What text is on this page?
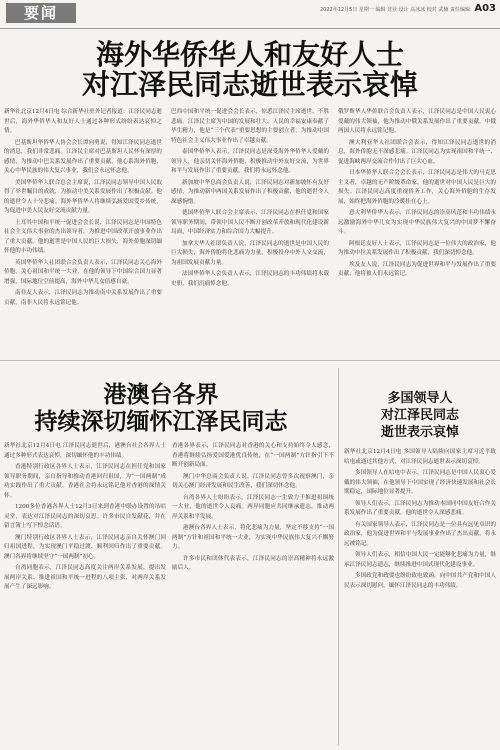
要闻	2022年12月5日 星期一 编辑 竞业 设计 高冰冰 校对 武楠 责任编辑 A03
海外华侨华人和友好人士
对江泽民同志逝世表示哀悼

新华社北京12月4日电 综合新华社驻外记者报道：江泽民同志逝世后，海外华侨华人和友好人士通过各种形式纷纷表达哀悼之情。

巴基斯坦华侨华人协会会长谭向勇说，得知江泽民同志逝世的消息，我们非常悲痛。江泽民主席对巴基斯坦人民怀有深厚的感情，为推动中巴关系发展作出了重要贡献。他心系海外侨胞，关心中华民族的伟大复兴事业，我们会永远怀念他。

美国华侨华人联合总会主席说，江泽民同志领导中国人民取得了举世瞩目的成就，为推动中美关系发展作出了积极贡献。他的逝世令人十分悲痛。海外华侨华人将继续弘扬爱国爱乡传统，为促进中美人民友好交流贡献力量。

土耳其中国和平统一促进会会长说，江泽民同志是中国特色社会主义伟大事业的杰出领导者，为推进中国改革开放事业作出了重大贡献。他的逝世是中国人民的巨大损失，海外侨胞深切缅怀他的丰功伟绩。

英国华侨华人社团联合会负责人表示，江泽民同志关心海外侨胞，关心祖国和平统一大业，在他的领导下中国综合国力显著增强，国际地位空前提高，海外中华儿女倍感自豪。

南非友人表示，江泽民同志为推动南中关系发展作出了重要贡献，南非人民将永远铭记他。

巴西中国和平统一促进会会长表示，惊悉江泽民主席逝世，不胜悲痛。江泽民主席为中国的发展和壮大、人民的幸福安康奉献了毕生精力，他是“三个代表”重要思想的主要创立者，为推动中国特色社会主义伟大事业作出了卓越贡献。

泰国华侨华人表示，江泽民同志是深受海外华侨华人爱戴的领导人，他亲切关怀海外侨胞，积极推动中外友好交流，为世界和平与发展作出了重要贡献，我们将永远怀念他。

新加坡中华总商会负责人说，江泽民同志对新加坡怀有友好感情，为推动新中两国关系发展作出了积极贡献，他的逝世令人深感惋惜。

德国华侨华人联合会主席表示，江泽民同志在担任党和国家领导职务期间，带领中国人民不断开创改革开放和现代化建设新局面，中国经济实力和综合国力大幅提升。

加拿大华人社团负责人说，江泽民同志的逝世是中国人民的巨大损失，海外侨胞将化悲痛为力量，积极投身中外人文交流，为祖国发展贡献力量。

法国华侨华人会负责人表示，江泽民同志的丰功伟绩将永载史册，我们沉痛悼念他。

俄罗斯华人华侨联合会负责人表示，江泽民同志是中国人民衷心爱戴的伟大领袖，他为推动中俄关系发展作出了重要贡献，中俄两国人民将永远铭记他。

澳大利亚华人社团联合会表示，得知江泽民同志逝世的消息，海外侨胞无不深感悲痛。江泽民同志为实现祖国和平统一、促进海峡两岸交流合作付出了巨大心血。

日本华侨华人联合会会长表示，江泽民同志是伟大的马克思主义者，卓越的无产阶级革命家，他的逝世对中国人民是巨大的损失。江泽民同志高度重视侨务工作，关心海外侨胞的生存发展，始终把海外侨胞的冷暖挂在心上。

意大利华侨华人表示，江泽民同志的崇高风范和丰功伟绩永远激励海外中华儿女为实现中华民族伟大复兴的中国梦不懈奋斗。

阿根廷友好人士表示，江泽民同志是一位伟大的政治家，他为推动中拉关系发展作出了积极贡献，我们深切悼念他。

埃及友人说，江泽民同志为促进世界和平与发展作出了重要贡献，他将被人们永远铭记。

港澳台各界
持续深切缅怀江泽民同志
多国领导人
对江泽民同志
逝世表示哀悼

新华社北京12月4日电 江泽民同志逝世后，港澳台社会各界人士通过多种形式表达哀悼，深切缅怀他的丰功伟绩。

香港特别行政区各界人士表示，江泽民同志在担任党和国家领导职务期间，亲自指导和推动香港回归祖国，为“一国两制”成功实践作出了重大贡献。香港社会将永远铭记他对香港的深情关怀。

1200多位香港各界人士12月3日来到香港中联办设置的吊唁灵堂，表达对江泽民同志的深切哀思。许多市民自发献花，并在留言簿上写下悼念话语。

澳门特别行政区各界人士表示，江泽民同志亲自关怀澳门回归祖国进程，为实现澳门平稳过渡、顺利回归作出了重要贡献。澳门各界将继续坚守“一国两制”初心。

台湾同胞表示，江泽民同志高度关注两岸关系发展，提出发展两岸关系、推进祖国和平统一进程的八项主张，对两岸关系发展产生了深远影响。

香港各界表示，江泽民同志对香港的关心和支持始终令人感念，香港将继续弘扬爱国爱港优良传统，在“一国两制”方针指引下不断开创新局面。

澳门中华总商会负责人说，江泽民同志曾多次视察澳门，亲切关心澳门经济发展和民生改善，我们深切怀念他。

台湾各界人士纷纷表示，江泽民同志一生致力于推进祖国统一大业，他的逝世令人哀痛。两岸同胞应共同继承遗志，推动两岸关系和平发展。

港澳台各界人士表示，将化悲痛为力量，坚定不移支持“一国两制”方针和祖国和平统一大业，为实现中华民族伟大复兴不懈努力。

许多市民和团体代表表示，江泽民同志的崇高精神将永远激励后人。

新华社北京12月4日电 多国领导人陆续向国家主席习近平致唁电或通过其他方式，对江泽民同志逝世表示深切哀悼。

多国领导人在唁电中表示，江泽民同志是中国人民衷心爱戴的伟大领袖，在他领导下中国实现了经济快速发展和社会长期稳定，国际地位显著提升。

领导人们表示，江泽民同志为推动本国同中国友好合作关系发展作出了重要贡献，他的逝世令人深感悲痛。

有关国家领导人表示，江泽民同志是一位具有远见卓识的政治家，他为促进世界和平与发展事业作出了杰出贡献，将永远被铭记。

领导人们表示，相信中国人民一定能够化悲痛为力量，继承江泽民同志遗志，继续推进中国式现代化建设事业。

多国政党和政要也纷纷致电致函，向中国共产党和中国人民表示深切慰问，缅怀江泽民同志的丰功伟绩。
